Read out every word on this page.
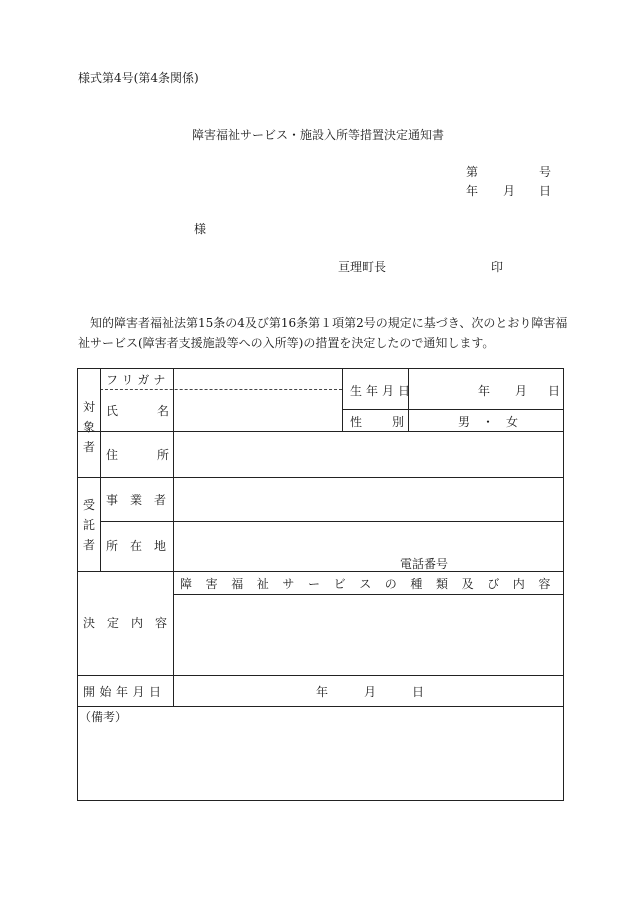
様式第4号(第4条関係)
障害福祉サービス・施設入所等措置決定通知書
第	号
年 月 日
様
亘理町長	印
知的障害者福祉法第15条の4及び第16条第１項第2号の規定に基づき、次のとおり障害福祉サービス(障害者支援施設等への入所等)の措置を決定したので通知します。
対象者
フリガナ
氏	名
生年月日	年 月 日
性 別	男　・　女
住	所
受託者
事業者
所在地
電話番号
決定内容
障害福祉サービスの種類及び内容
開始年月日	年	月	日
（備考）
